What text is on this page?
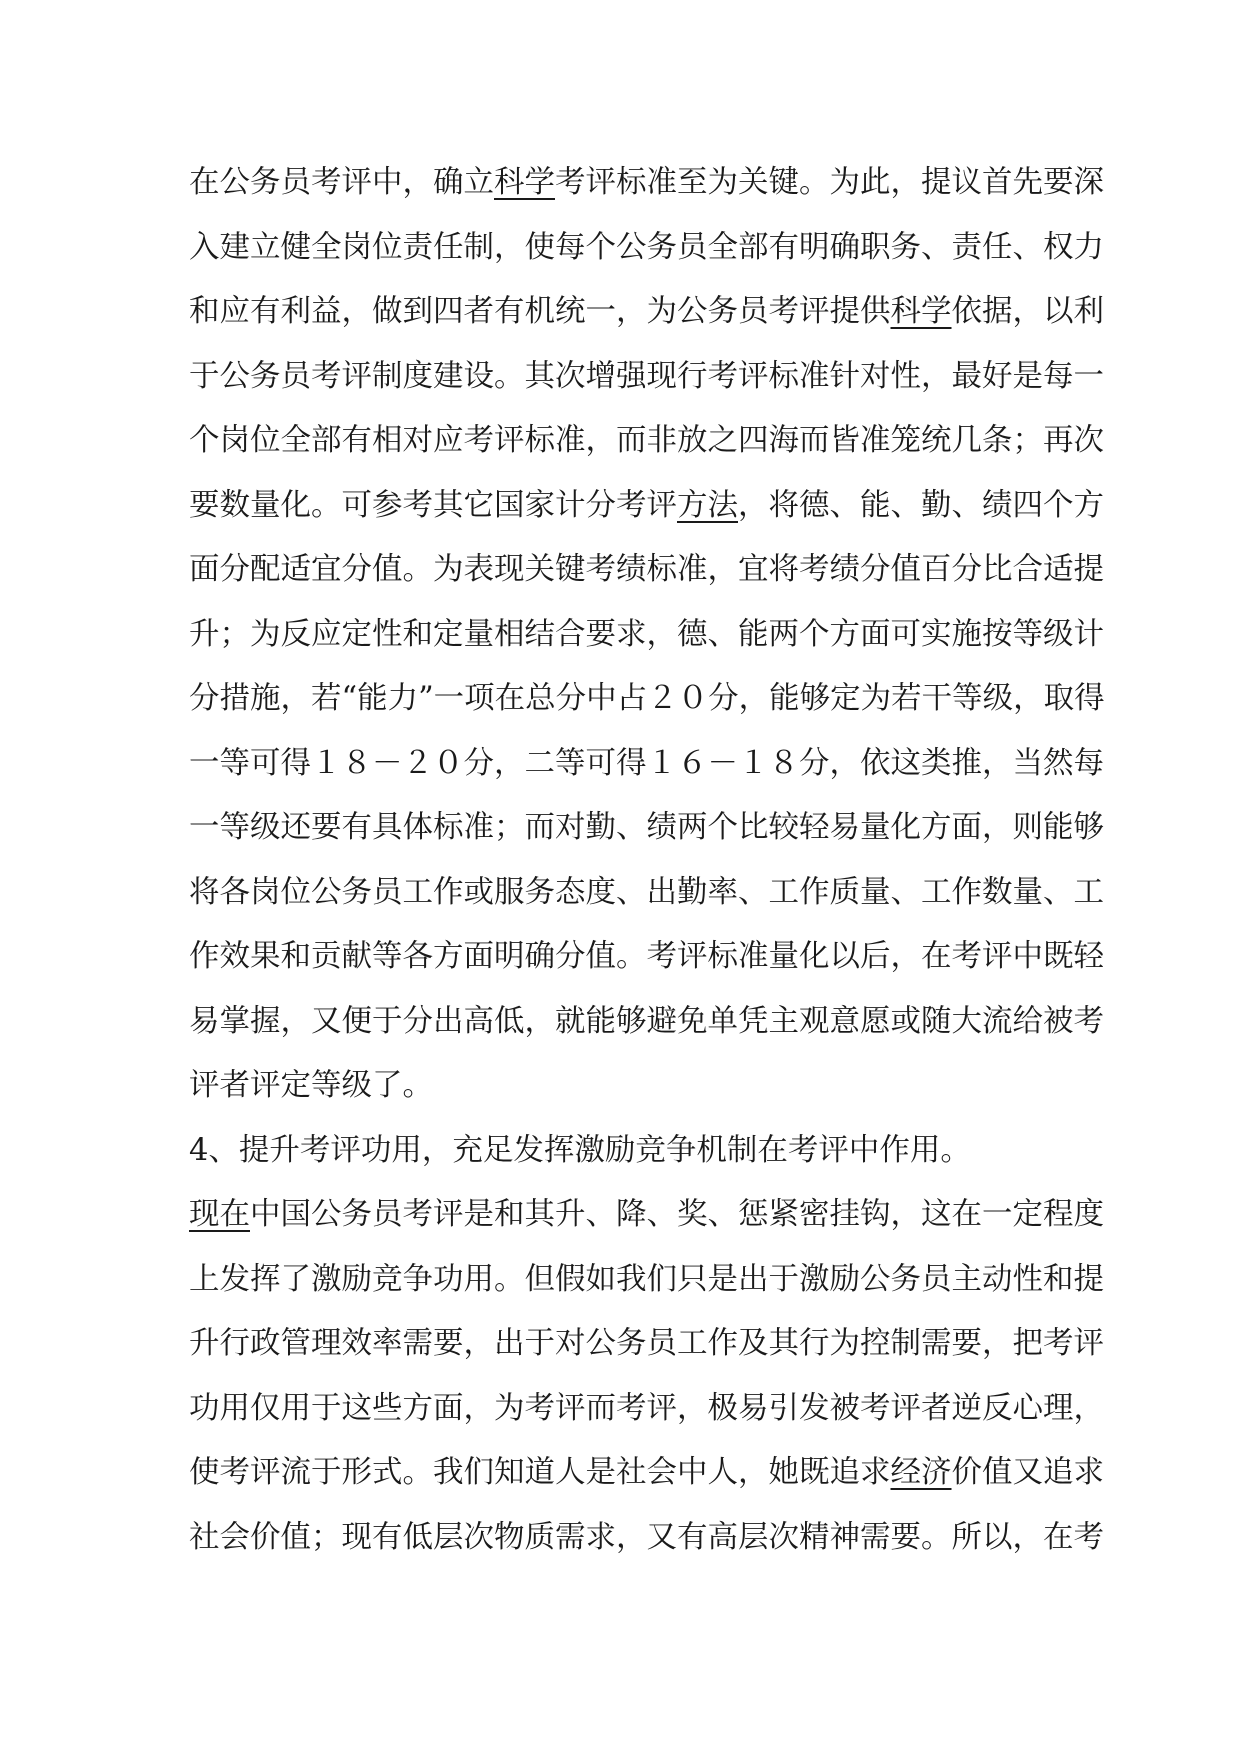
在公务员考评中，确立科学考评标准至为关键。为此，提议首先要深
入建立健全岗位责任制，使每个公务员全部有明确职务、责任、权力
和应有利益，做到四者有机统一，为公务员考评提供科学依据，以利
于公务员考评制度建设。其次增强现行考评标准针对性，最好是每一
个岗位全部有相对应考评标准，而非放之四海而皆准笼统几条；再次
要数量化。可参考其它国家计分考评方法，将德、能、勤、绩四个方
面分配适宜分值。为表现关键考绩标准，宜将考绩分值百分比合适提
升；为反应定性和定量相结合要求，德、能两个方面可实施按等级计
分措施，若“能力”一项在总分中占２０分，能够定为若干等级，取得
一等可得１８－２０分，二等可得１６－１８分，依这类推，当然每
一等级还要有具体标准；而对勤、绩两个比较轻易量化方面，则能够
将各岗位公务员工作或服务态度、出勤率、工作质量、工作数量、工
作效果和贡献等各方面明确分值。考评标准量化以后，在考评中既轻
易掌握，又便于分出高低，就能够避免单凭主观意愿或随大流给被考
评者评定等级了。
4、提升考评功用，充足发挥激励竞争机制在考评中作用。
现在中国公务员考评是和其升、降、奖、惩紧密挂钩，这在一定程度
上发挥了激励竞争功用。但假如我们只是出于激励公务员主动性和提
升行政管理效率需要，出于对公务员工作及其行为控制需要，把考评
功用仅用于这些方面，为考评而考评，极易引发被考评者逆反心理，
使考评流于形式。我们知道人是社会中人，她既追求经济价值又追求
社会价值；现有低层次物质需求，又有高层次精神需要。所以，在考
